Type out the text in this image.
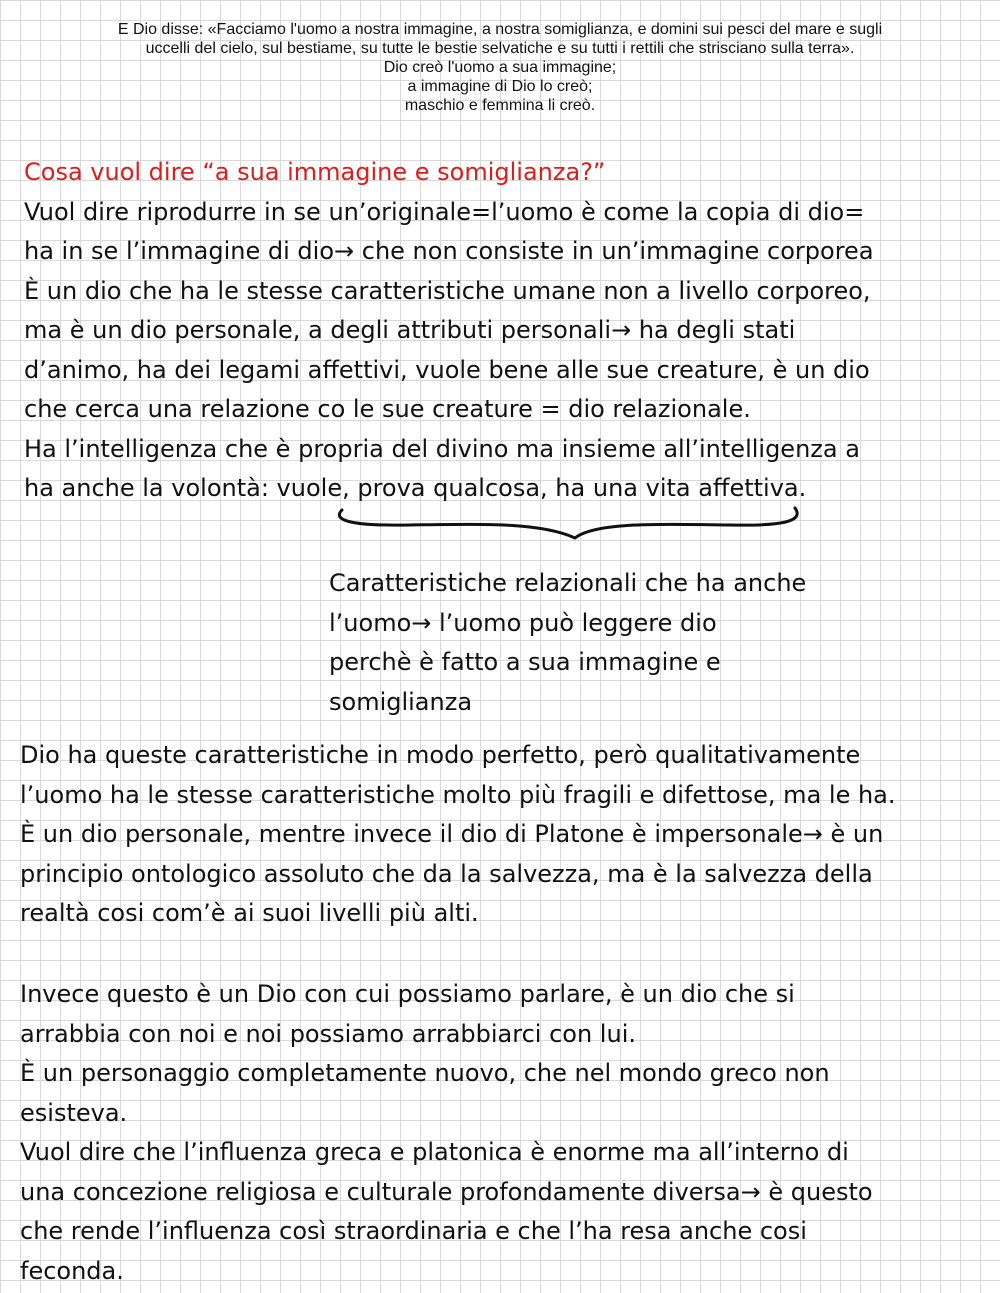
E Dio disse: «Facciamo l'uomo a nostra immagine, a nostra somiglianza, e domini sui pesci del mare e sugli
uccelli del cielo, sul bestiame, su tutte le bestie selvatiche e su tutti i rettili che strisciano sulla terra».
Dio creò l'uomo a sua immagine;
a immagine di Dio lo creò;
maschio e femmina li creò.
Cosa vuol dire “a sua immagine e somiglianza?”
Vuol dire riprodurre in se un’originale=l’uomo è come la copia di dio=
ha in se l’immagine di dio→ che non consiste in un’immagine corporea
È un dio che ha le stesse caratteristiche umane non a livello corporeo,
ma è un dio personale, a degli attributi personali→ ha degli stati
d’animo, ha dei legami affettivi, vuole bene alle sue creature, è un dio
che cerca una relazione co le sue creature = dio relazionale.
Ha l’intelligenza che è propria del divino ma insieme all’intelligenza a
ha anche la volontà: vuole, prova qualcosa, ha una vita affettiva.
Caratteristiche relazionali che ha anche
l’uomo→ l’uomo può leggere dio
perchè è fatto a sua immagine e
somiglianza
Dio ha queste caratteristiche in modo perfetto, però qualitativamente
l’uomo ha le stesse caratteristiche molto più fragili e difettose, ma le ha.
È un dio personale, mentre invece il dio di Platone è impersonale→ è un
principio ontologico assoluto che da la salvezza, ma è la salvezza della
realtà cosi com’è ai suoi livelli più alti.
Invece questo è un Dio con cui possiamo parlare, è un dio che si
arrabbia con noi e noi possiamo arrabbiarci con lui.
È un personaggio completamente nuovo, che nel mondo greco non
esisteva.
Vuol dire che l’influenza greca e platonica è enorme ma all’interno di
una concezione religiosa e culturale profondamente diversa→ è questo
che rende l’influenza così straordinaria e che l’ha resa anche cosi
feconda.
